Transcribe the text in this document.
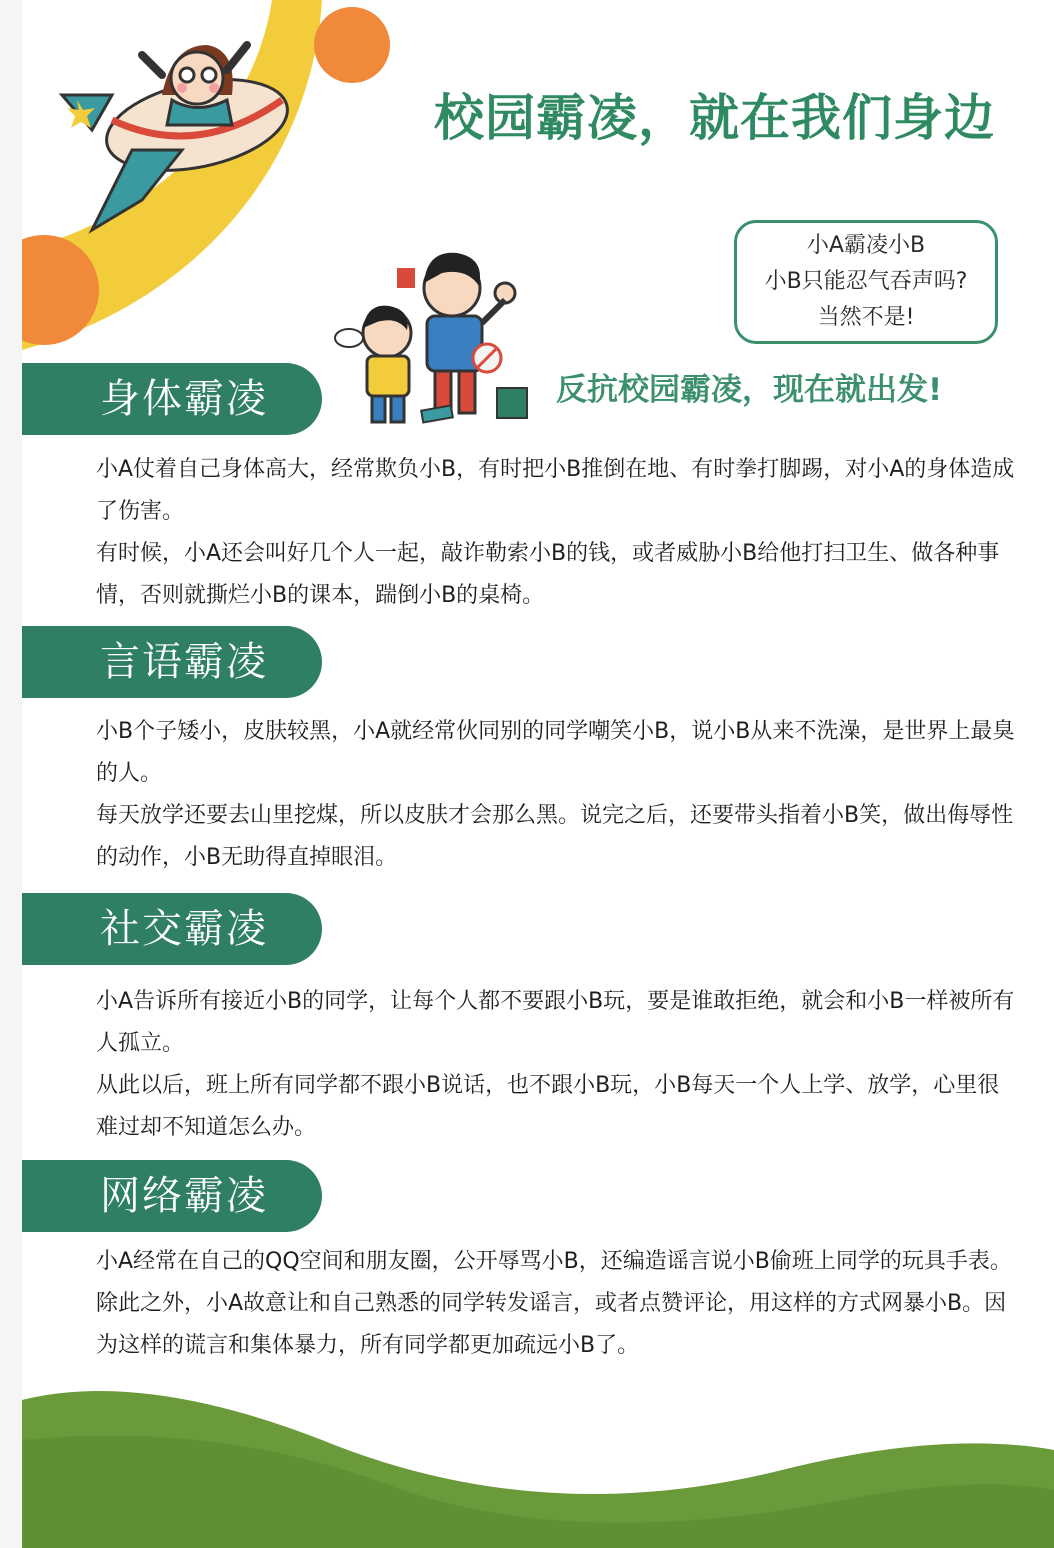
校园霸凌，就在我们身边
小A霸凌小B
小B只能忍气吞声吗?
当然不是!
反抗校园霸凌，现在就出发!
身体霸凌

小A仗着自己身体高大，经常欺负小B，有时把小B推倒在地、有时拳打脚踢，对小A的身体造成了伤害。

有时候，小A还会叫好几个人一起，敲诈勒索小B的钱，或者威胁小B给他打扫卫生、做各种事情，否则就撕烂小B的课本，踹倒小B的桌椅。

言语霸凌

小B个子矮小，皮肤较黑，小A就经常伙同别的同学嘲笑小B，说小B从来不洗澡，是世界上最臭的人。

每天放学还要去山里挖煤，所以皮肤才会那么黑。说完之后，还要带头指着小B笑，做出侮辱性的动作，小B无助得直掉眼泪。

社交霸凌

小A告诉所有接近小B的同学，让每个人都不要跟小B玩，要是谁敢拒绝，就会和小B一样被所有人孤立。

从此以后，班上所有同学都不跟小B说话，也不跟小B玩，小B每天一个人上学、放学，心里很难过却不知道怎么办。

网络霸凌

小A经常在自己的QQ空间和朋友圈，公开辱骂小B，还编造谣言说小B偷班上同学的玩具手表。

除此之外，小A故意让和自己熟悉的同学转发谣言，或者点赞评论，用这样的方式网暴小B。因为这样的谎言和集体暴力，所有同学都更加疏远小B了。
